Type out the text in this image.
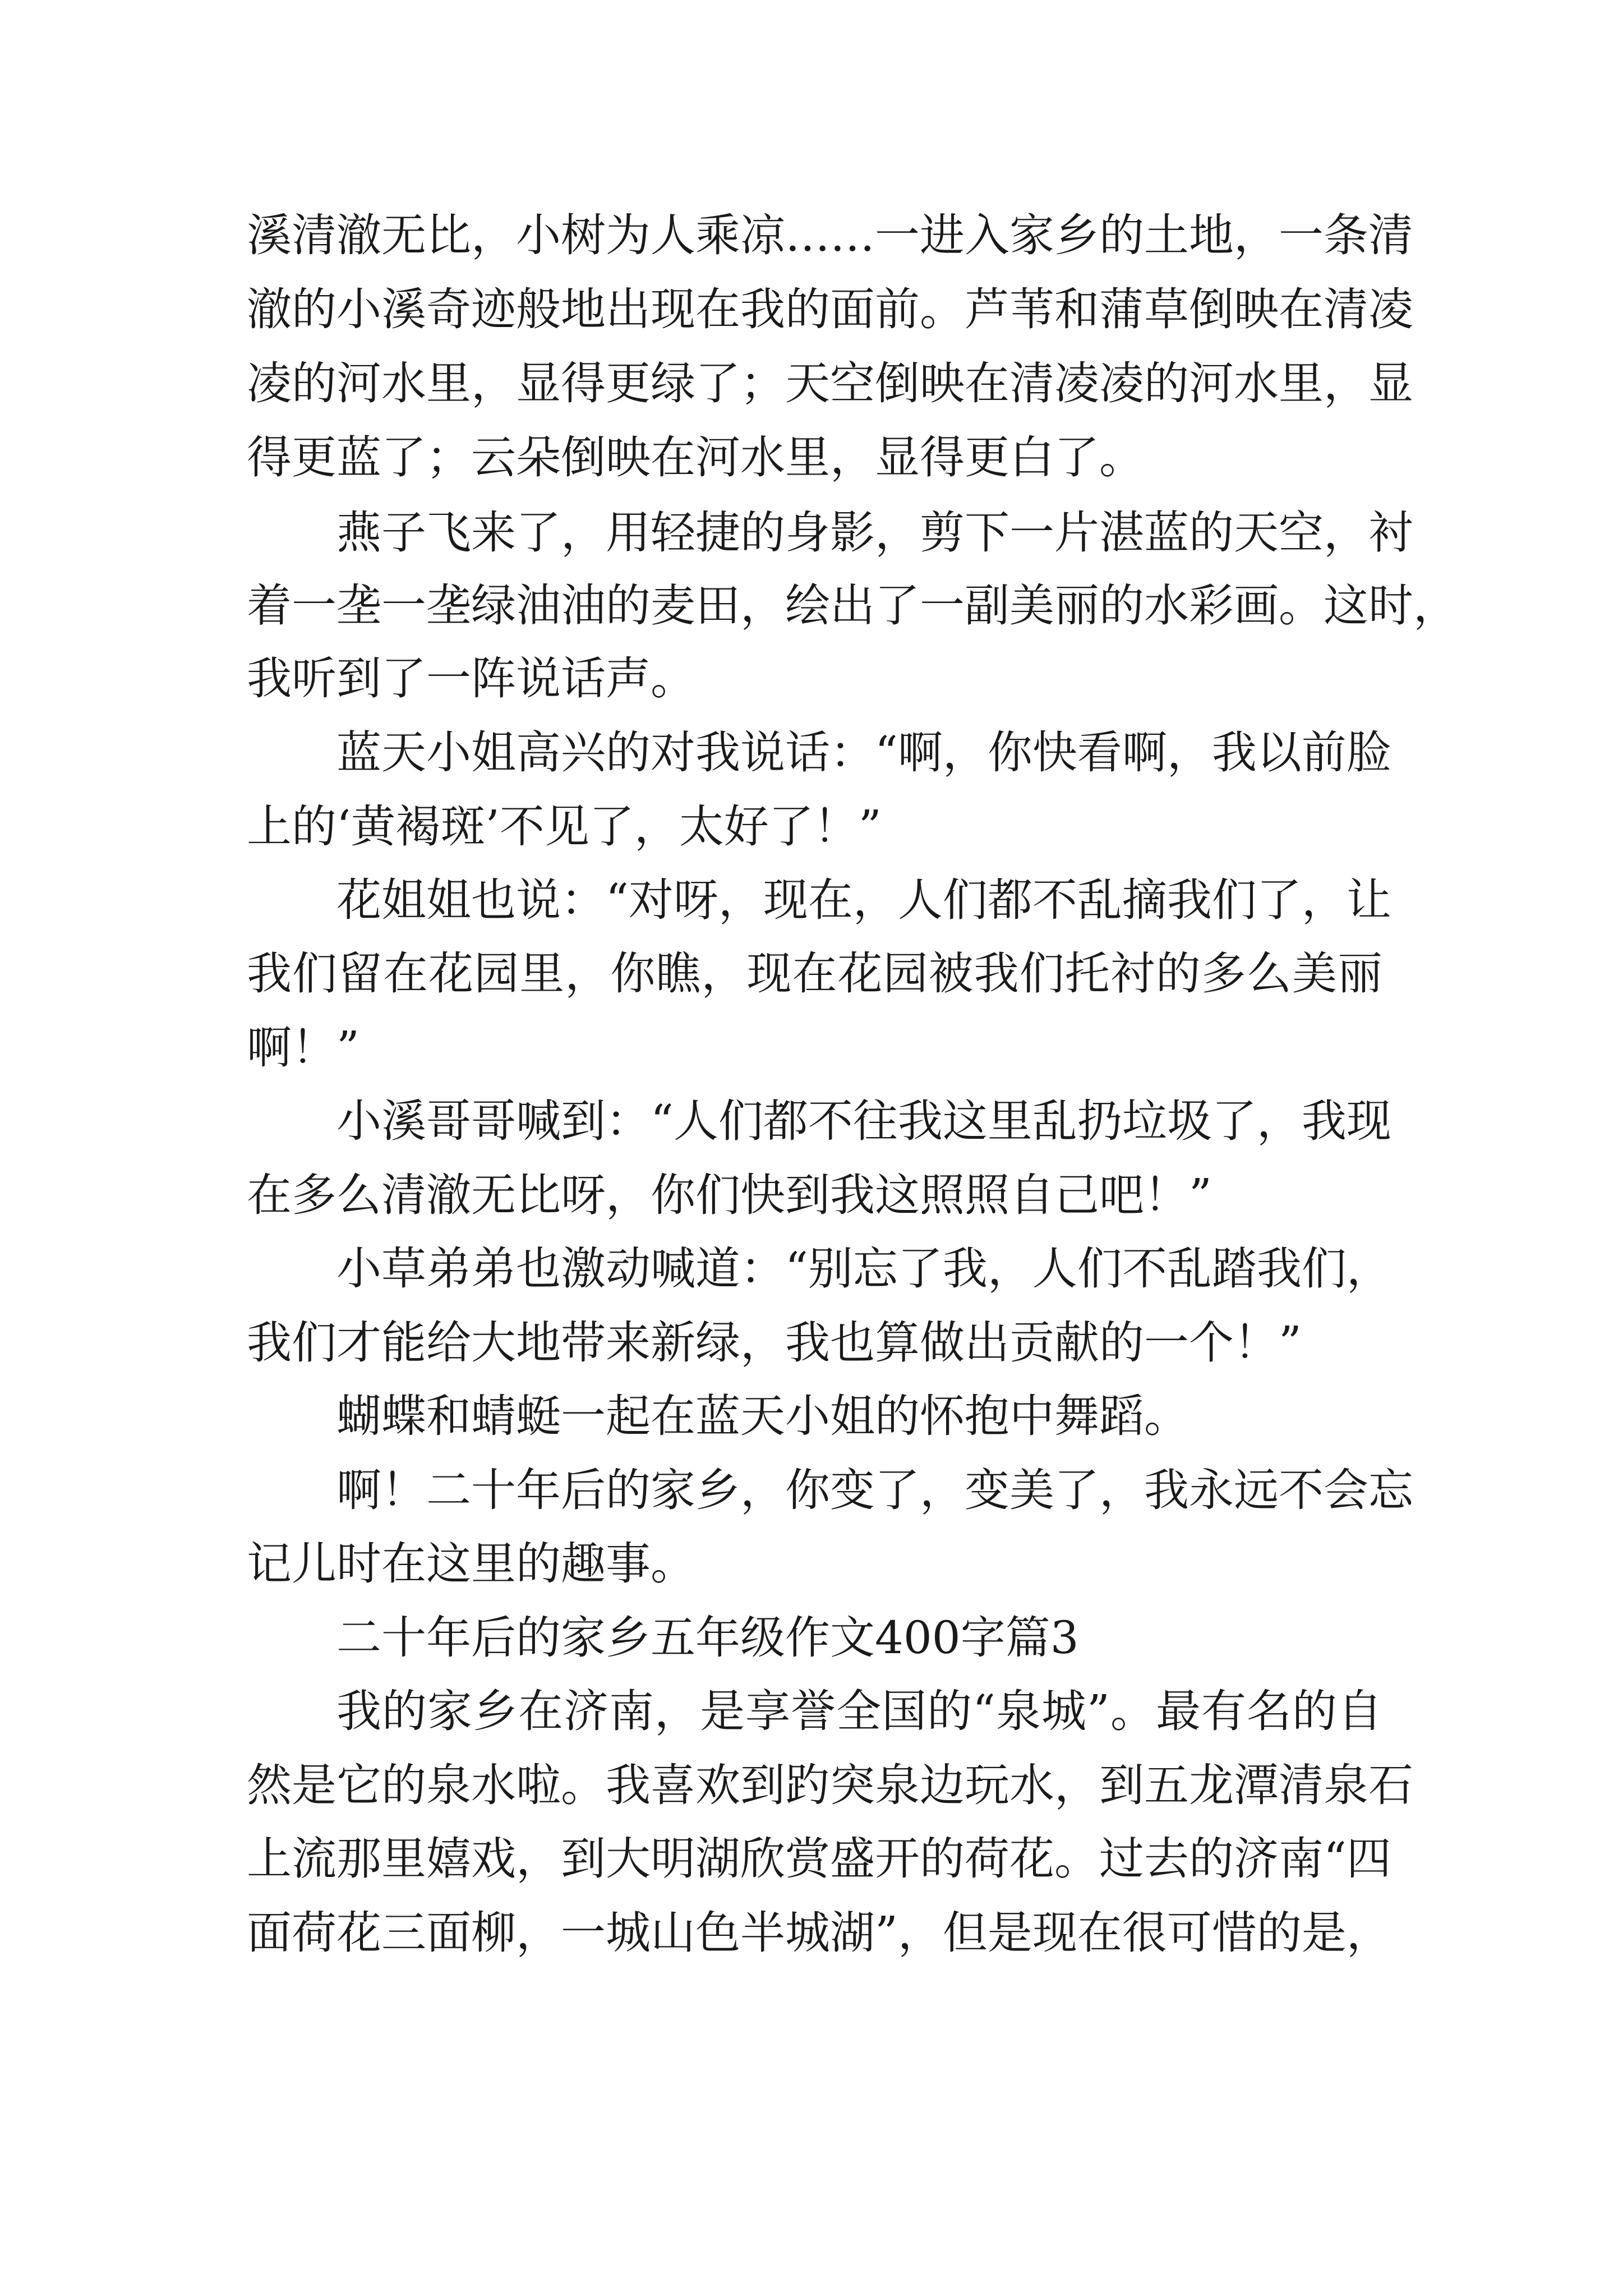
溪清澈无比，小树为人乘凉……一进入家乡的土地，一条清
澈的小溪奇迹般地出现在我的面前。芦苇和蒲草倒映在清凌
凌的河水里，显得更绿了；天空倒映在清凌凌的河水里，显
得更蓝了；云朵倒映在河水里，显得更白了。
燕子飞来了，用轻捷的身影，剪下一片湛蓝的天空，衬
着一垄一垄绿油油的麦田，绘出了一副美丽的水彩画。这时，
我听到了一阵说话声。
蓝天小姐高兴的对我说话：“啊，你快看啊，我以前脸
上的‘黄褐斑’不见了，太好了！”
花姐姐也说：“对呀，现在，人们都不乱摘我们了，让
我们留在花园里，你瞧，现在花园被我们托衬的多么美丽
啊！”
小溪哥哥喊到：“人们都不往我这里乱扔垃圾了，我现
在多么清澈无比呀，你们快到我这照照自己吧！”
小草弟弟也激动喊道：“别忘了我，人们不乱踏我们，
我们才能给大地带来新绿，我也算做出贡献的一个！”
蝴蝶和蜻蜓一起在蓝天小姐的怀抱中舞蹈。
啊！二十年后的家乡，你变了，变美了，我永远不会忘
记儿时在这里的趣事。
二十年后的家乡五年级作文400字篇3
我的家乡在济南，是享誉全国的“泉城”。最有名的自
然是它的泉水啦。我喜欢到趵突泉边玩水，到五龙潭清泉石
上流那里嬉戏，到大明湖欣赏盛开的荷花。过去的济南“四
面荷花三面柳，一城山色半城湖”，但是现在很可惜的是，
